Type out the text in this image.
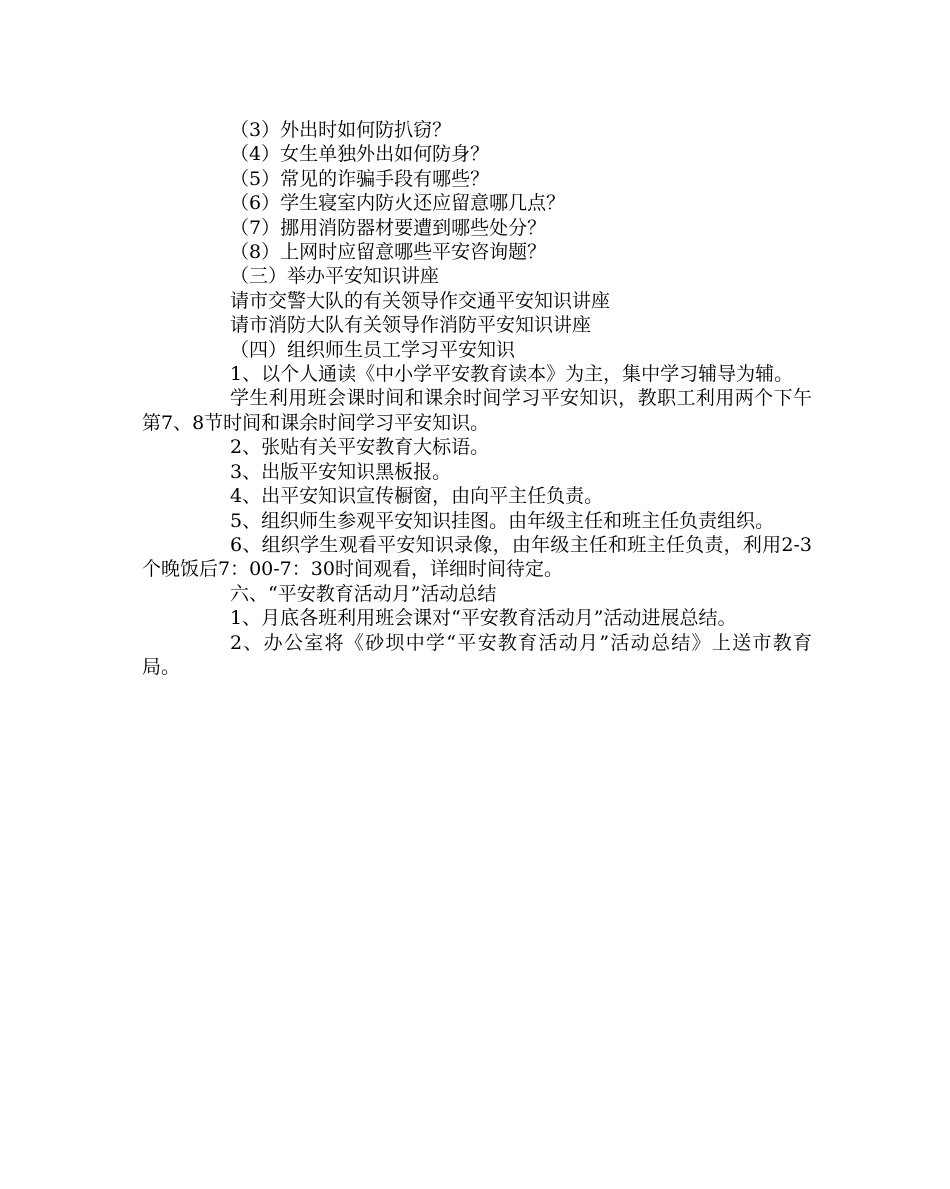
（3）外出时如何防扒窃？

（4）女生单独外出如何防身？

（5）常见的诈骗手段有哪些？

（6）学生寝室内防火还应留意哪几点？

（7）挪用消防器材要遭到哪些处分？

（8）上网时应留意哪些平安咨询题？

（三）举办平安知识讲座

请市交警大队的有关领导作交通平安知识讲座

请市消防大队有关领导作消防平安知识讲座

（四）组织师生员工学习平安知识

1、以个人通读《中小学平安教育读本》为主，集中学习辅导为辅。

学生利用班会课时间和课余时间学习平安知识，教职工利用两个下午第7、8节时间和课余时间学习平安知识。

2、张贴有关平安教育大标语。

3、出版平安知识黑板报。

4、出平安知识宣传橱窗，由向平主任负责。

5、组织师生参观平安知识挂图。由年级主任和班主任负责组织。

6、组织学生观看平安知识录像，由年级主任和班主任负责，利用2-3个晚饭后7：00-7：30时间观看，详细时间待定。

六、“平安教育活动月”活动总结

1、月底各班利用班会课对“平安教育活动月”活动进展总结。

2、办公室将《砂坝中学“平安教育活动月”活动总结》上送市教育局。
